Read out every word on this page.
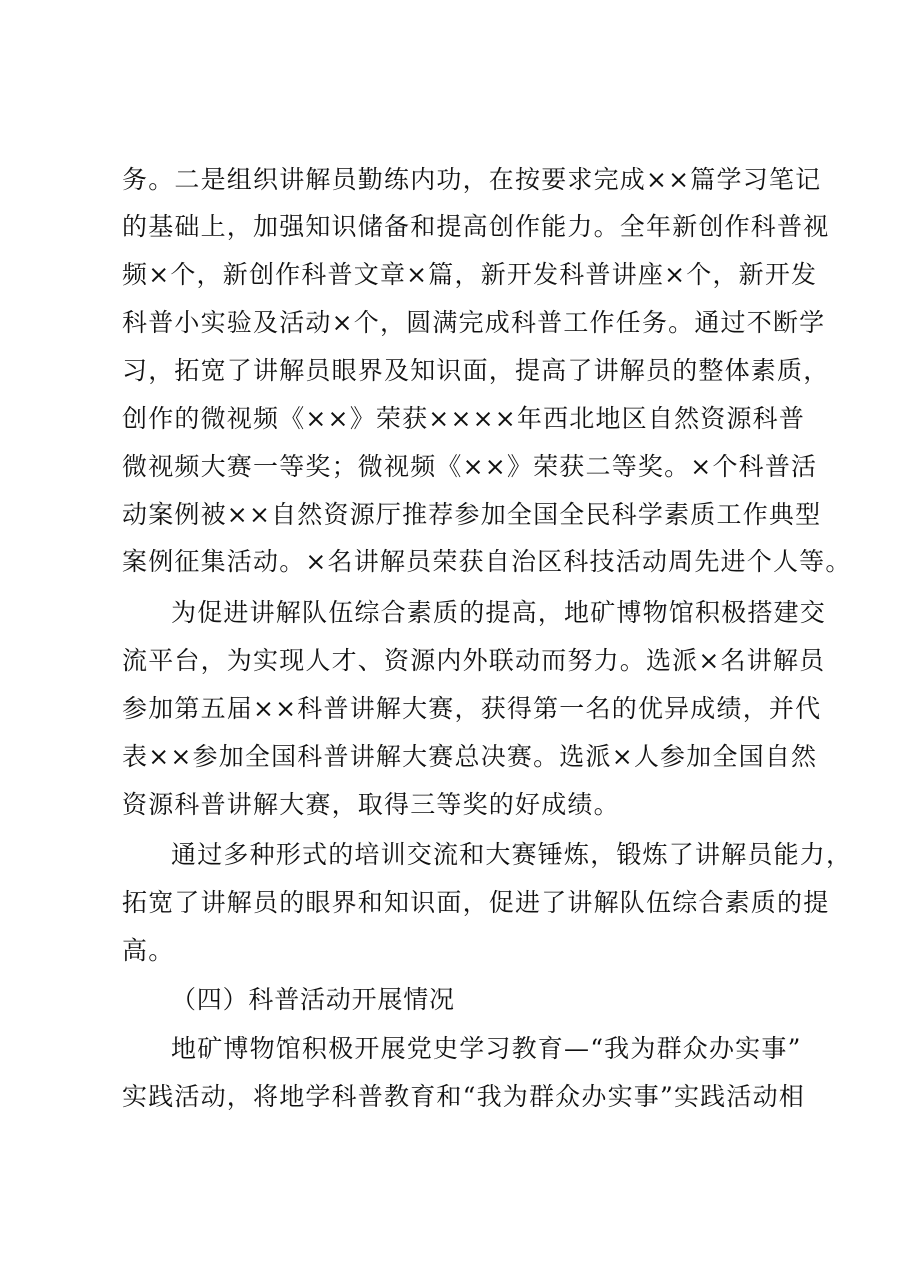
务。二是组织讲解员勤练内功，在按要求完成××篇学习笔记
的基础上，加强知识储备和提高创作能力。全年新创作科普视
频×个，新创作科普文章×篇，新开发科普讲座×个，新开发
科普小实验及活动×个，圆满完成科普工作任务。通过不断学
习，拓宽了讲解员眼界及知识面，提高了讲解员的整体素质，
创作的微视频《××》荣获××××年西北地区自然资源科普
微视频大赛一等奖；微视频《××》荣获二等奖。×个科普活
动案例被××自然资源厅推荐参加全国全民科学素质工作典型
案例征集活动。×名讲解员荣获自治区科技活动周先进个人等。
为促进讲解队伍综合素质的提高，地矿博物馆积极搭建交
流平台，为实现人才、资源内外联动而努力。选派×名讲解员
参加第五届××科普讲解大赛，获得第一名的优异成绩，并代
表××参加全国科普讲解大赛总决赛。选派×人参加全国自然
资源科普讲解大赛，取得三等奖的好成绩。
通过多种形式的培训交流和大赛锤炼，锻炼了讲解员能力，
拓宽了讲解员的眼界和知识面，促进了讲解队伍综合素质的提
高。
（四）科普活动开展情况
地矿博物馆积极开展党史学习教育—“我为群众办实事”
实践活动，将地学科普教育和“我为群众办实事”实践活动相
